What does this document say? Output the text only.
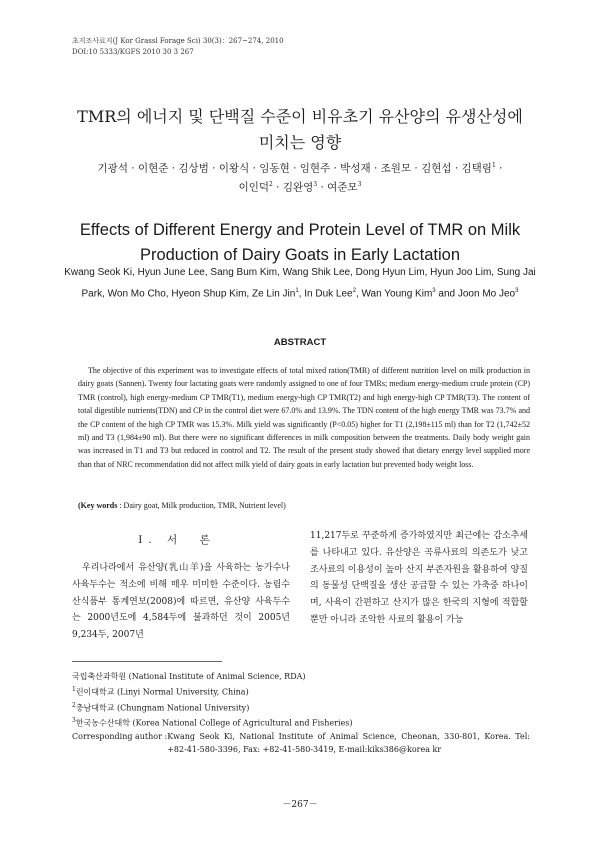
초지조사료지(J Kor Grassl Forage Sci) 30(3)：267~274, 2010
DOI:10 5333/KGFS 2010 30 3 267
TMR의 에너지 및 단백질 수준이 비유초기 유산양의 유생산성에
미치는 영향
기광석 · 이현준 · 김상범 · 이왕식 · 임동현 · 임현주 · 박성재 · 조원모 · 김현섭 · 김택림$^1$ ·
이인덕$^2$ · 김완영$^3$ · 여준모$^3$
Effects of Different Energy and Protein Level of TMR on Milk
Production of Dairy Goats in Early Lactation
Kwang Seok Ki, Hyun June Lee, Sang Bum Kim, Wang Shik Lee, Dong Hyun Lim, Hyun Joo Lim, Sung Jai Park, Won Mo Cho, Hyeon Shup Kim, Ze Lin Jin$^1$, In Duk Lee$^2$, Wan Young Kim$^3$ and Joon Mo Jeo$^3$
ABSTRACT

The objective of this experiment was to investigate effects of total mixed ration(TMR) of different nutrition level on milk production in dairy goats (Sannen). Twenty four lactating goats were randomly assigned to one of four TMRs; medium energy-medium crude protein (CP) TMR (control), high energy-medium CP TMR(T1), medium energy-high CP TMR(T2) and high energy-high CP TMR(T3). The content of total digestible nutrients(TDN) and CP in the control diet were 67.0% and 13.9%. The TDN content of the high energy TMR was 73.7% and the CP content of the high CP TMR was 15.3%. Milk yield was significantly (P<0.05) higher for T1 (2,198±115 ml) than for T2 (1,742±52 ml) and T3 (1,984±90 ml). But there were no significant differences in milk composition between the treatments. Daily body weight gain was increased in T1 and T3 but reduced in control and T2. The result of the present study showed that dietary energy level supplied more than that of NRC recommendation did not affect milk yield of dairy goats in early lactation but prevented body weight loss.

(Key words : Dairy goat, Milk production, TMR, Nutrient level)

Ⅰ. 서　론

우리나라에서 유산양(乳山羊)을 사육하는 농가수나 사육두수는 적소에 비해 매우 미미한 수준이다. 농림수산식품부 통계연보(2008)에 따르면, 유산양 사육두수는 2000년도에 4,584두에 불과하던 것이 2005년 9,234두, 2007년

11,217두로 꾸준하게 증가하였지만 최근에는 감소추세를 나타내고 있다. 유산양은 곡류사료의 의존도가 낮고 조사료의 이용성이 높아 산지 부존자원을 활용하여 양질의 동물성 단백질을 생산 공급할 수 있는 가축중 하나이며, 사육이 간편하고 산지가 많은 한국의 지형에 적합할 뿐만 아니라 조악한 사료의 활용이 가능

국립축산과학원 (National Institute of Animal Science, RDA)
$^1$린이대학교 (Linyi Normal University, China)
$^2$충남대학교 (Chungnam National University)
$^3$한국농수산대학 (Korea National College of Agricultural and Fisheries)
Corresponding author : Kwang Seok Ki, National Institute of Animal Science, Cheonan, 330-801, Korea. Tel: +82-41-580-3396, Fax: +82-41-580-3419, E-mail:kiks386@korea kr
－267－
